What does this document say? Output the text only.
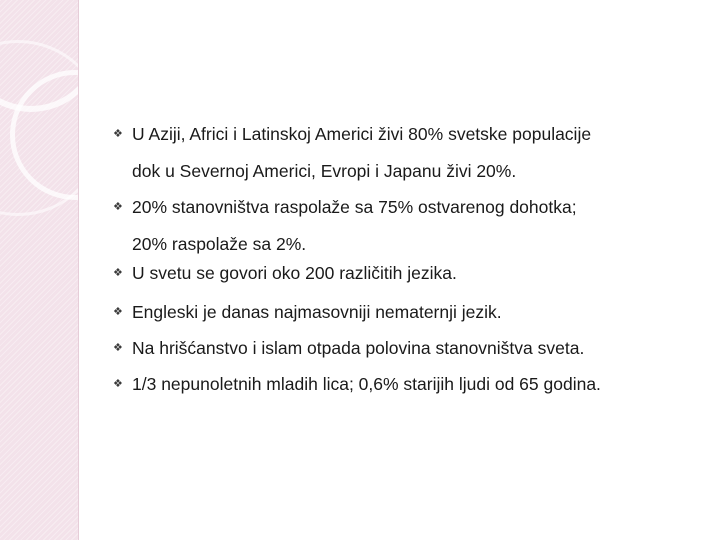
❖ U Aziji, Africi i Latinskoj Americi živi 80% svetske populacije
dok u Severnoj Americi, Evropi i Japanu živi 20%.
❖ 20% stanovništva raspolaže sa 75% ostvarenog dohotka;
20% raspolaže sa 2%.
❖ U svetu se govori oko 200 različitih jezika.
❖ Engleski je danas najmasovniji nematernji jezik.
❖ Na hrišćanstvo i islam otpada polovina stanovništva sveta.
❖ 1/3 nepunoletnih mladih lica; 0,6% starijih ljudi od 65 godina.
